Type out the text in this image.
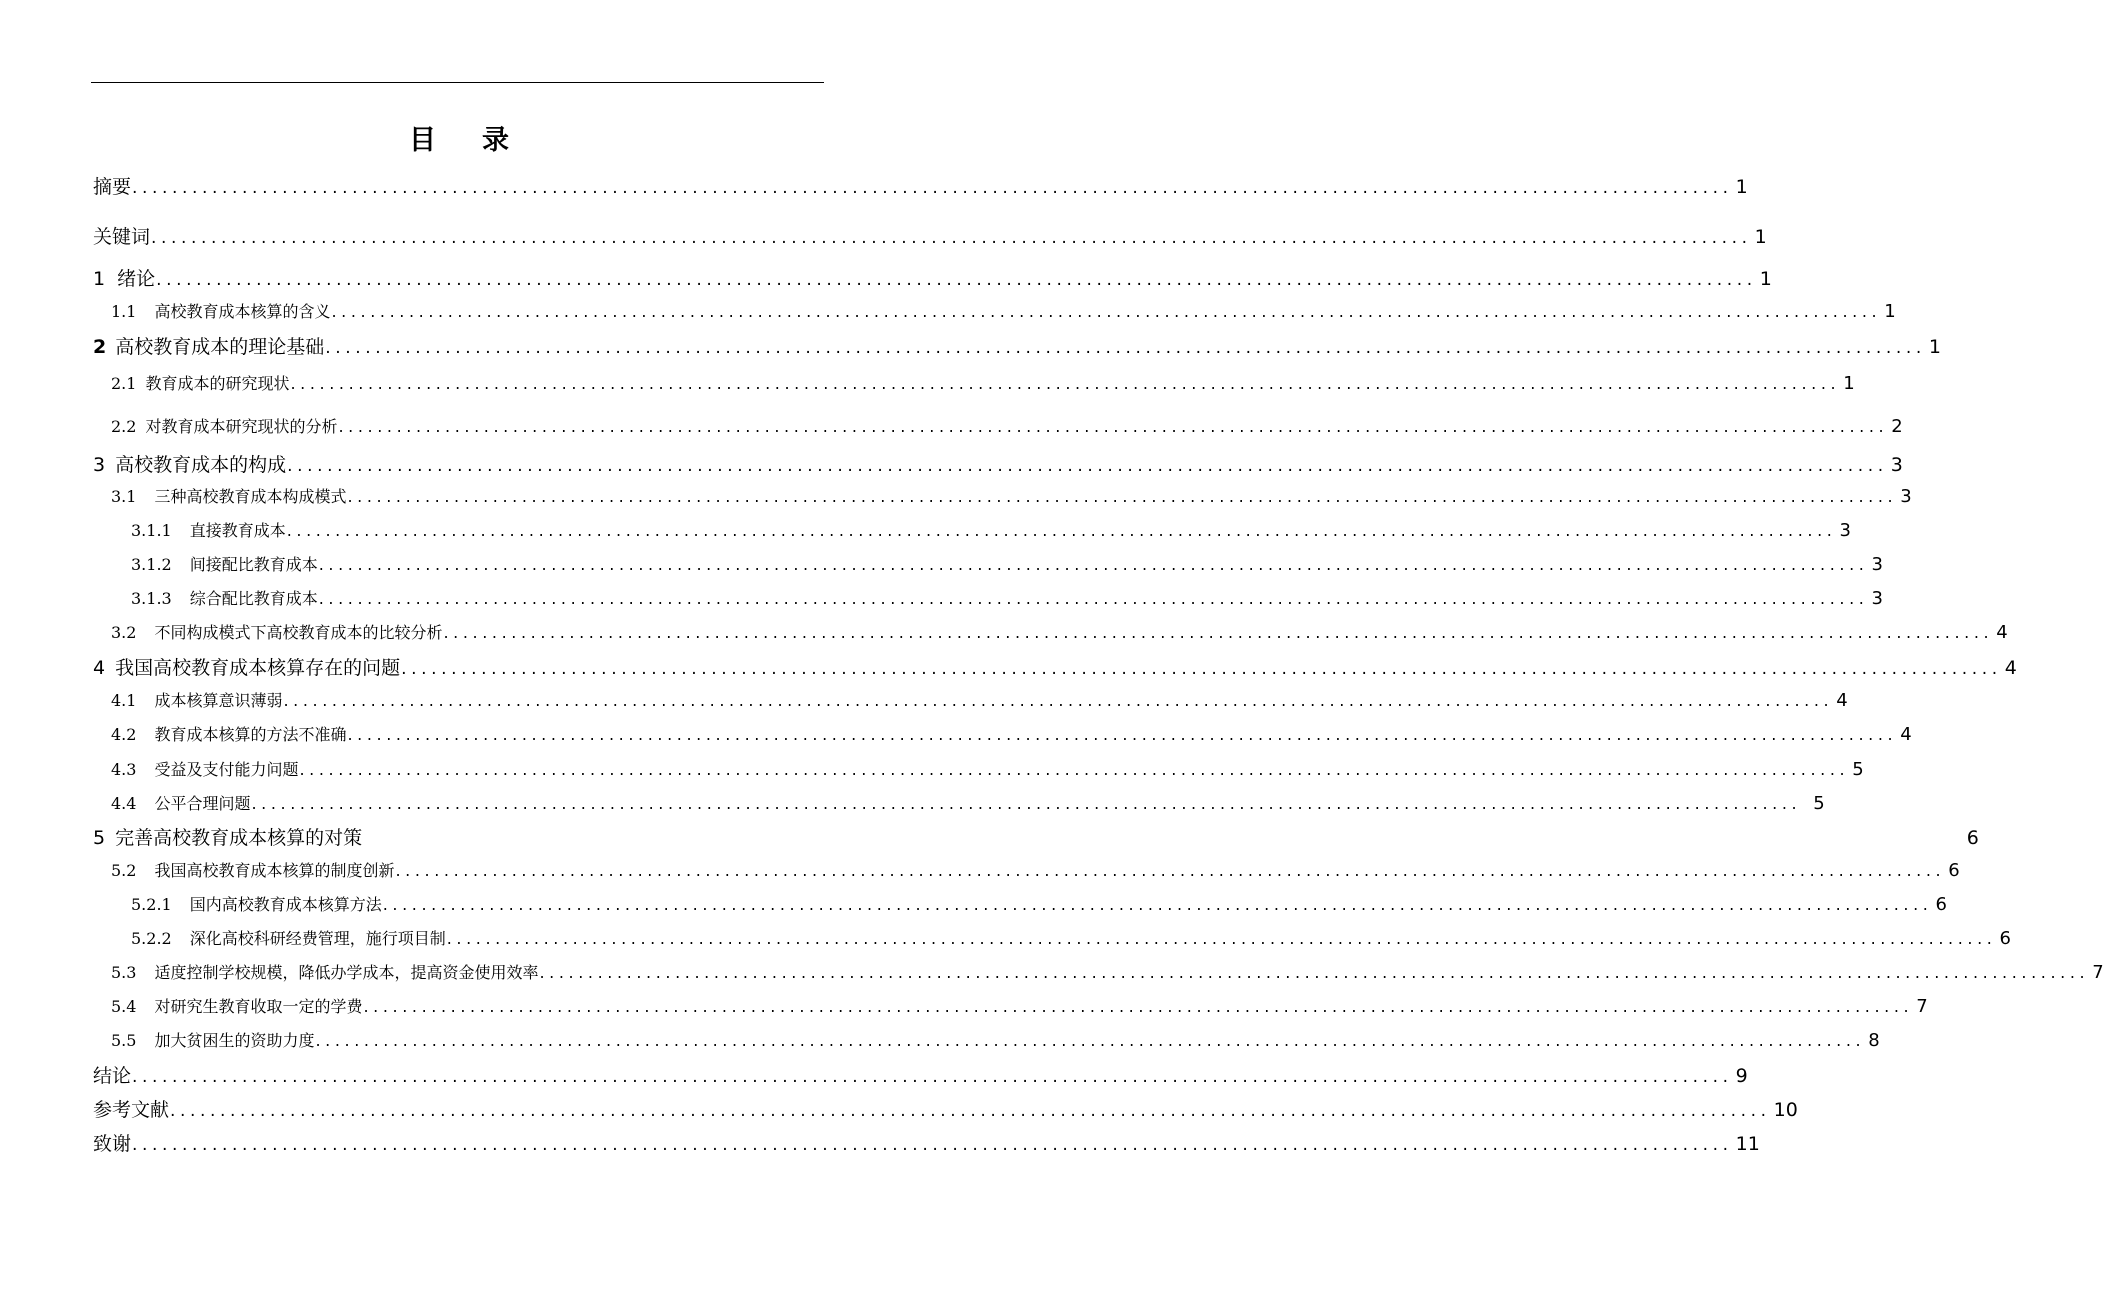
目 录
摘要 ................................................................................................................................................................ 1
关键词 ................................................................................................................................................................ 1
1 绪论 ................................................................................................................................................................ 1
1.1 高校教育成本核算的含义 ................................................................................................................................................................ 1
2 高校教育成本的理论基础 ................................................................................................................................................................ 1
2.1 教育成本的研究现状 ................................................................................................................................................................ 1
2.2 对教育成本研究现状的分析 ................................................................................................................................................................ 2
3 高校教育成本的构成 ................................................................................................................................................................ 3
3.1 三种高校教育成本构成模式 ................................................................................................................................................................ 3
3.1.1 直接教育成本 ................................................................................................................................................................ 3
3.1.2 间接配比教育成本 ................................................................................................................................................................ 3
3.1.3 综合配比教育成本 ................................................................................................................................................................ 3
3.2 不同构成模式下高校教育成本的比较分析 ................................................................................................................................................................ 4
4 我国高校教育成本核算存在的问题 ................................................................................................................................................................ 4
4.1 成本核算意识薄弱 ................................................................................................................................................................ 4
4.2 教育成本核算的方法不准确 ................................................................................................................................................................ 4
4.3 受益及支付能力问题 ................................................................................................................................................................ 5
4.4 公平合理问题 ................................................................................................................................................................ 5
5 完善高校教育成本核算的对策	6
5.2 我国高校教育成本核算的制度创新 ................................................................................................................................................................ 6
5.2.1 国内高校教育成本核算方法 ................................................................................................................................................................ 6
5.2.2 深化高校科研经费管理，施行项目制 ................................................................................................................................................................ 6
5.3 适度控制学校规模，降低办学成本，提高资金使用效率 ................................................................................................................................................................ 7
5.4 对研究生教育收取一定的学费 ................................................................................................................................................................ 7
5.5 加大贫困生的资助力度 ................................................................................................................................................................ 8
结论 ................................................................................................................................................................ 9
参考文献 ................................................................................................................................................................ 10
致谢 ................................................................................................................................................................ 11
